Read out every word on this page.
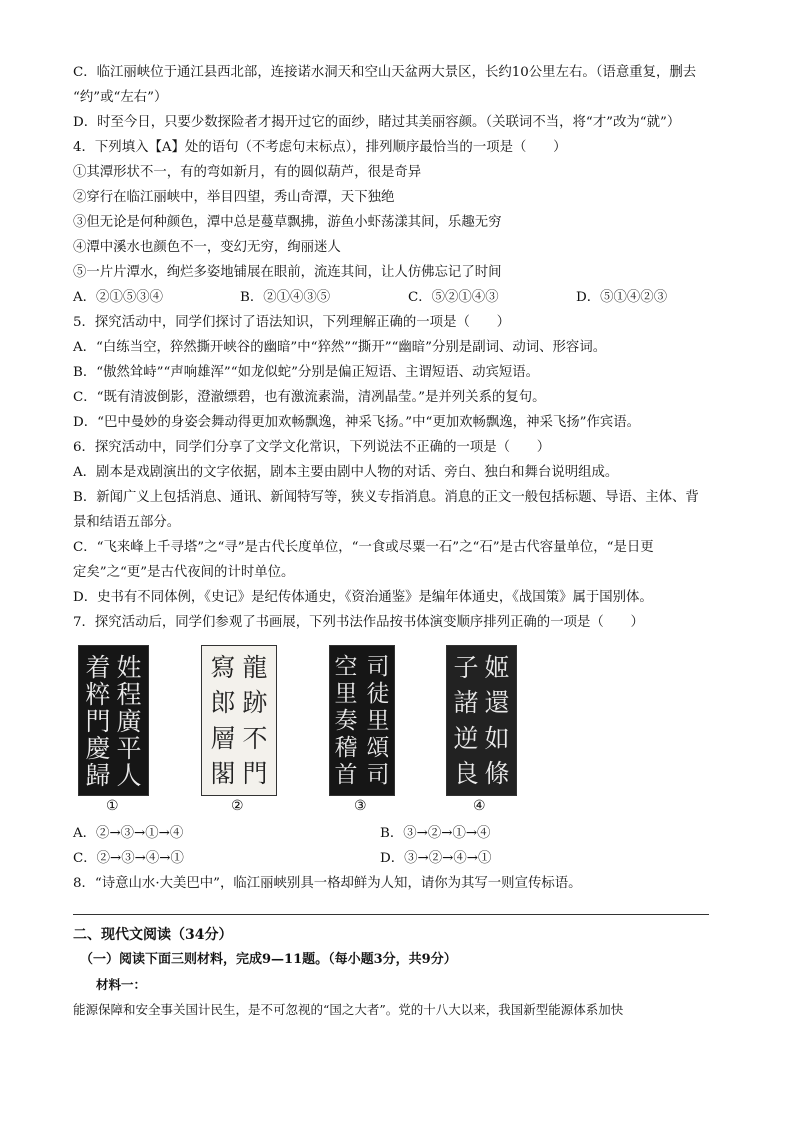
C．临江丽峡位于通江县西北部，连接诺水洞天和空山天盆两大景区，长约10公里左右。（语意重复，删去
“约”或“左右”）
D．时至今日，只要少数探险者才揭开过它的面纱，睹过其美丽容颜。（关联词不当，将“才”改为“就”）
4．下列填入【A】处的语句（不考虑句末标点），排列顺序最恰当的一项是（　　）
①其潭形状不一，有的弯如新月，有的圆似葫芦，很是奇异
②穿行在临江丽峡中，举目四望，秀山奇潭，天下独绝
③但无论是何种颜色，潭中总是蔓草飘拂，游鱼小虾荡漾其间，乐趣无穷
④潭中溪水也颜色不一，变幻无穷，绚丽迷人
⑤一片片潭水，绚烂多姿地铺展在眼前，流连其间，让人仿佛忘记了时间
A．②①⑤③④	B．②①④③⑤	C．⑤②①④③	D．⑤①④②③
5．探究活动中，同学们探讨了语法知识，下列理解正确的一项是（　　）
A．“白练当空，猝然撕开峡谷的幽暗”中“猝然”“撕开”“幽暗”分别是副词、动词、形容词。
B．“傲然耸峙”“声响雄浑”“如龙似蛇”分别是偏正短语、主谓短语、动宾短语。
C．“既有清波倒影，澄澈缥碧，也有激流素湍，清冽晶莹。”是并列关系的复句。
D．“巴中曼妙的身姿会舞动得更加欢畅飘逸，神采飞扬。”中“更加欢畅飘逸，神采飞扬”作宾语。
6．探究活动中，同学们分享了文学文化常识，下列说法不正确的一项是（　　）
A．剧本是戏剧演出的文字依据，剧本主要由剧中人物的对话、旁白、独白和舞台说明组成。
B．新闻广义上包括消息、通讯、新闻特写等，狭义专指消息。消息的正文一般包括标题、导语、主体、背
景和结语五部分。
C．“飞来峰上千寻塔”之“寻”是古代长度单位，“一食或尽粟一石”之“石”是古代容量单位，“是日更
定矣”之“更”是古代夜间的计时单位。
D．史书有不同体例，《史记》是纪传体通史，《资治通鉴》是编年体通史，《战国策》属于国别体。
7．探究活动后，同学们参观了书画展，下列书法作品按书体演变顺序排列正确的一项是（　　）
姓
程
廣
平
人
着
粹
門
慶
歸
龍
跡
不
門
寫
郎
層
閣
司
徒
里
頌
司
空
里
奏
稽
首
姬
還
如
條
子
諸
逆
良
①	②	③	④
A．②→③→①→④	B．③→②→①→④
C．②→③→④→①	D．③→②→④→①
8．“诗意山水·大美巴中”，临江丽峡别具一格却鲜为人知，请你为其写一则宣传标语。
二、现代文阅读（34分）
（一）阅读下面三则材料，完成9—11题。（每小题3分，共9分）
材料一：
能源保障和安全事关国计民生，是不可忽视的“国之大者”。党的十八大以来，我国新型能源体系加快
